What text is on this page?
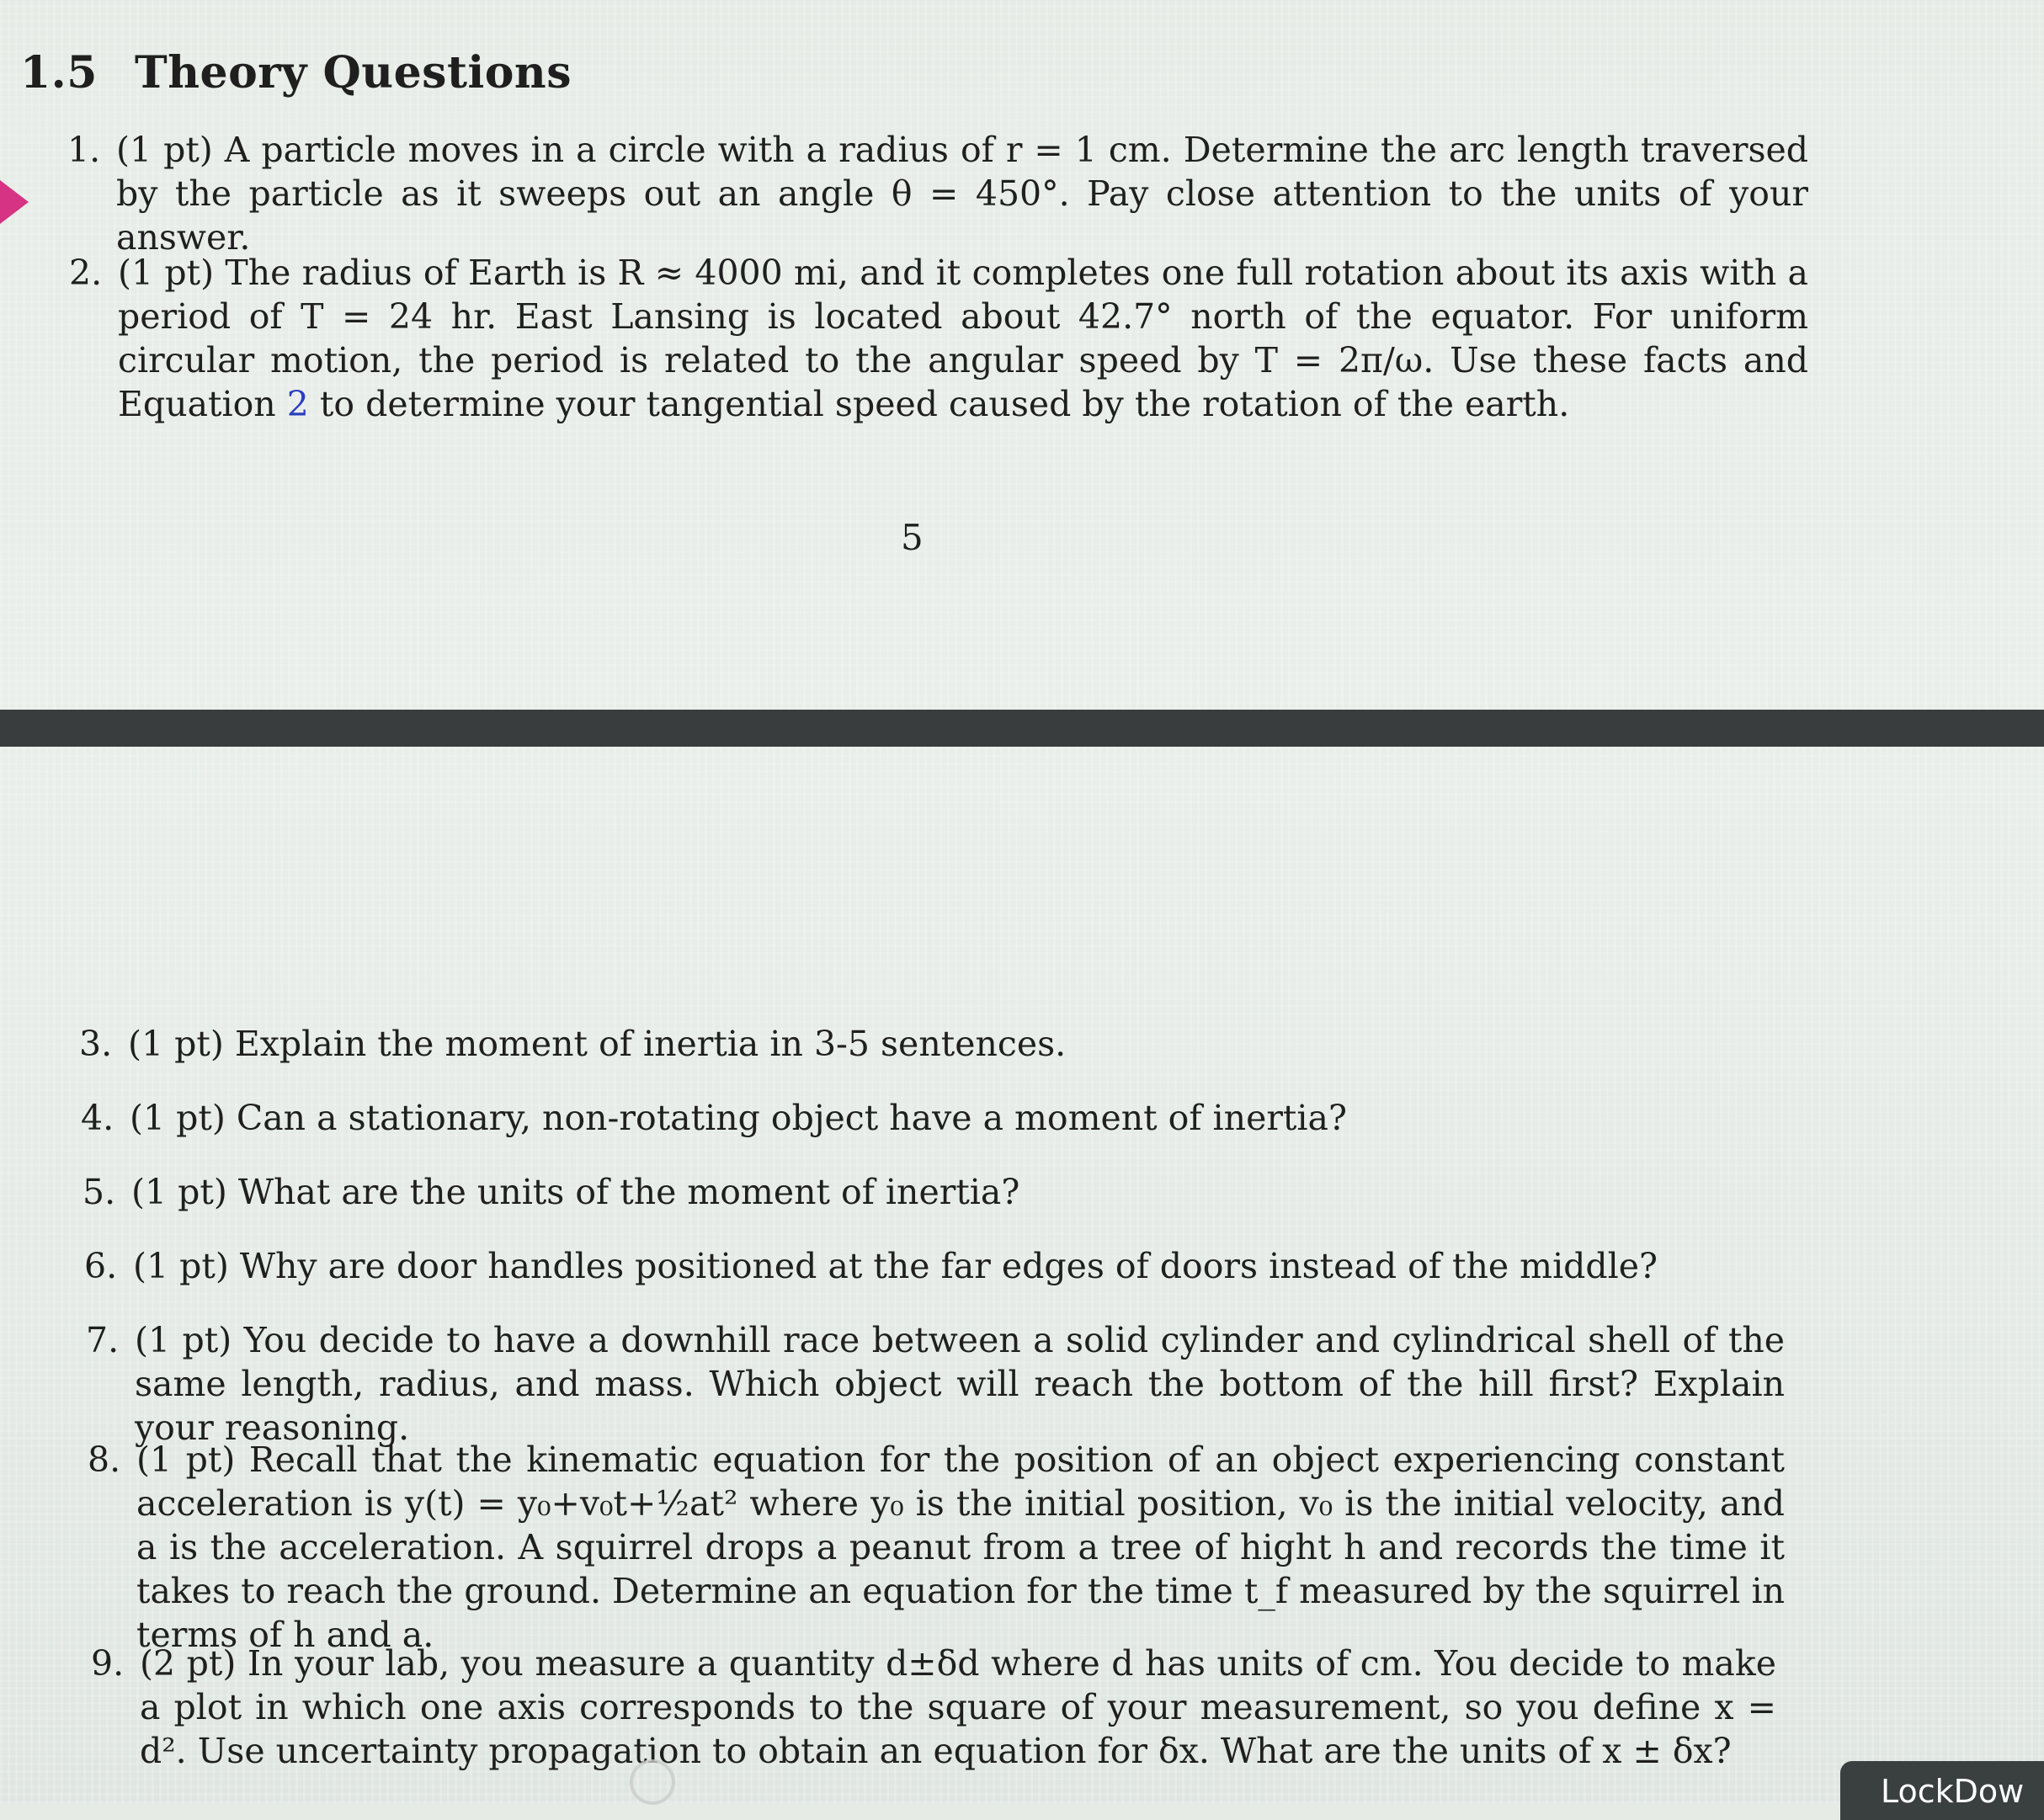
1.5 Theory Questions
1. (1 pt) A particle moves in a circle with a radius of r = 1 cm. Determine the arc length traversed by the particle as it sweeps out an angle θ = 450°. Pay close attention to the units of your answer.
2. (1 pt) The radius of Earth is R ≈ 4000 mi, and it completes one full rotation about its axis with a period of T = 24 hr. East Lansing is located about 42.7° north of the equator. For uniform circular motion, the period is related to the angular speed by T = 2π/ω. Use these facts and Equation 2 to determine your tangential speed caused by the rotation of the earth.
5
3. (1 pt) Explain the moment of inertia in 3-5 sentences.
4. (1 pt) Can a stationary, non-rotating object have a moment of inertia?
5. (1 pt) What are the units of the moment of inertia?
6. (1 pt) Why are door handles positioned at the far edges of doors instead of the middle?
7. (1 pt) You decide to have a downhill race between a solid cylinder and cylindrical shell of the same length, radius, and mass. Which object will reach the bottom of the hill first? Explain your reasoning.
8. (1 pt) Recall that the kinematic equation for the position of an object experiencing constant acceleration is y(t) = y₀+v₀t+½at² where y₀ is the initial position, v₀ is the initial velocity, and a is the acceleration. A squirrel drops a peanut from a tree of hight h and records the time it takes to reach the ground. Determine an equation for the time t_f measured by the squirrel in terms of h and a.
9. (2 pt) In your lab, you measure a quantity d±δd where d has units of cm. You decide to make a plot in which one axis corresponds to the square of your measurement, so you define x = d². Use uncertainty propagation to obtain an equation for δx. What are the units of x ± δx?
LockDow
